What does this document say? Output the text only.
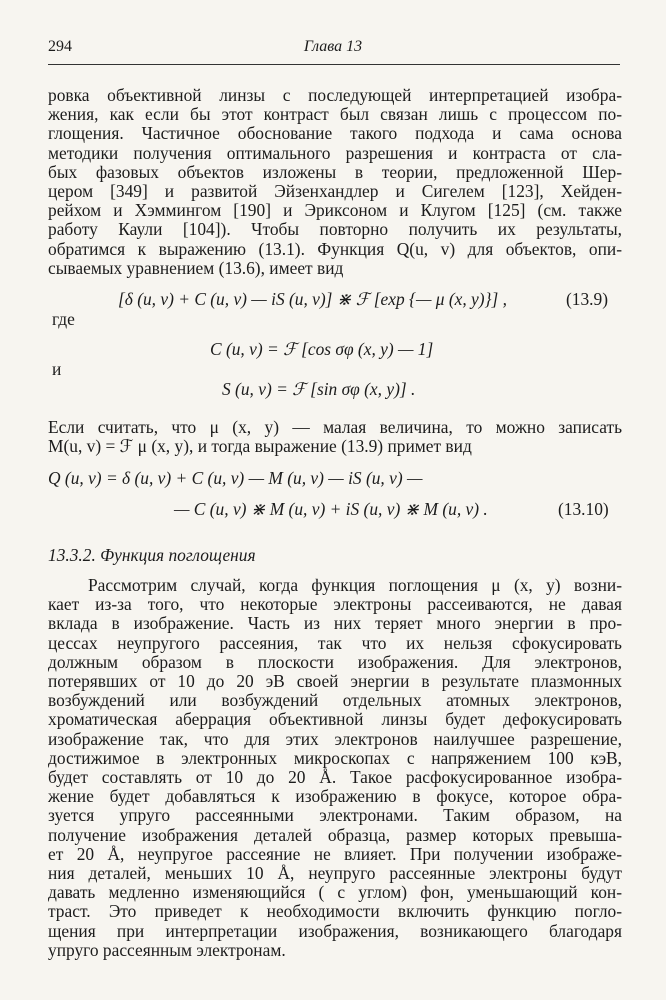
294	Глава 13

ровка объективной линзы с последующей интерпретацией изобра-

жения, как если бы этот контраст был связан лишь с процессом по-

глощения. Частичное обоснование такого подхода и сама основа

методики получения оптимального разрешения и контраста от сла-

бых фазовых объектов изложены в теории, предложенной Шер-

цером [349] и развитой Эйзенхандлер и Сигелем [123], Хейден-

рейхом и Хэммингом [190] и Эриксоном и Клугом [125] (см. также

работу Каули [104]). Чтобы повторно получить их результаты,

обратимся к выражению (13.1). Функция Q(u, v) для объектов, опи-

сываемых уравнением (13.6), имеет вид

[δ (u, v) + C (u, v) — iS (u, v)] ⋇ ℱ [exp {— μ (x, y)}] ,	(13.9)
где
C (u, v) = ℱ [cos σφ (x, y) — 1]
и
S (u, v) = ℱ [sin σφ (x, y)] .

Если считать, что μ (x, y) — малая величина, то можно записать

M(u, v) = ℱ μ (x, y), и тогда выражение (13.9) примет вид

Q (u, v) = δ (u, v) + C (u, v) — M (u, v) — iS (u, v) —
— C (u, v) ⋇ M (u, v) + iS (u, v) ⋇ M (u, v) .	(13.10)
13.3.2. Функция поглощения

Рассмотрим случай, когда функция поглощения μ (x, y) возни-

кает из-за того, что некоторые электроны рассеиваются, не давая

вклада в изображение. Часть из них теряет много энергии в про-

цессах неупругого рассеяния, так что их нельзя сфокусировать

должным образом в плоскости изображения. Для электронов,

потерявших от 10 до 20 эВ своей энергии в результате плазмонных

возбуждений или возбуждений отдельных атомных электронов,

хроматическая аберрация объективной линзы будет дефокусировать

изображение так, что для этих электронов наилучшее разрешение,

достижимое в электронных микроскопах с напряжением 100 кэВ,

будет составлять от 10 до 20 Å. Такое расфокусированное изобра-

жение будет добавляться к изображению в фокусе, которое обра-

зуется упруго рассеянными электронами. Таким образом, на

получение изображения деталей образца, размер которых превыша-

ет 20 Å, неупругое рассеяние не влияет. При получении изображе-

ния деталей, меньших 10 Å, неупруго рассеянные электроны будут

давать медленно изменяющийся ( с углом) фон, уменьшающий кон-

траст. Это приведет к необходимости включить функцию погло-

щения при интерпретации изображения, возникающего благодаря

упруго рассеянным электронам.
